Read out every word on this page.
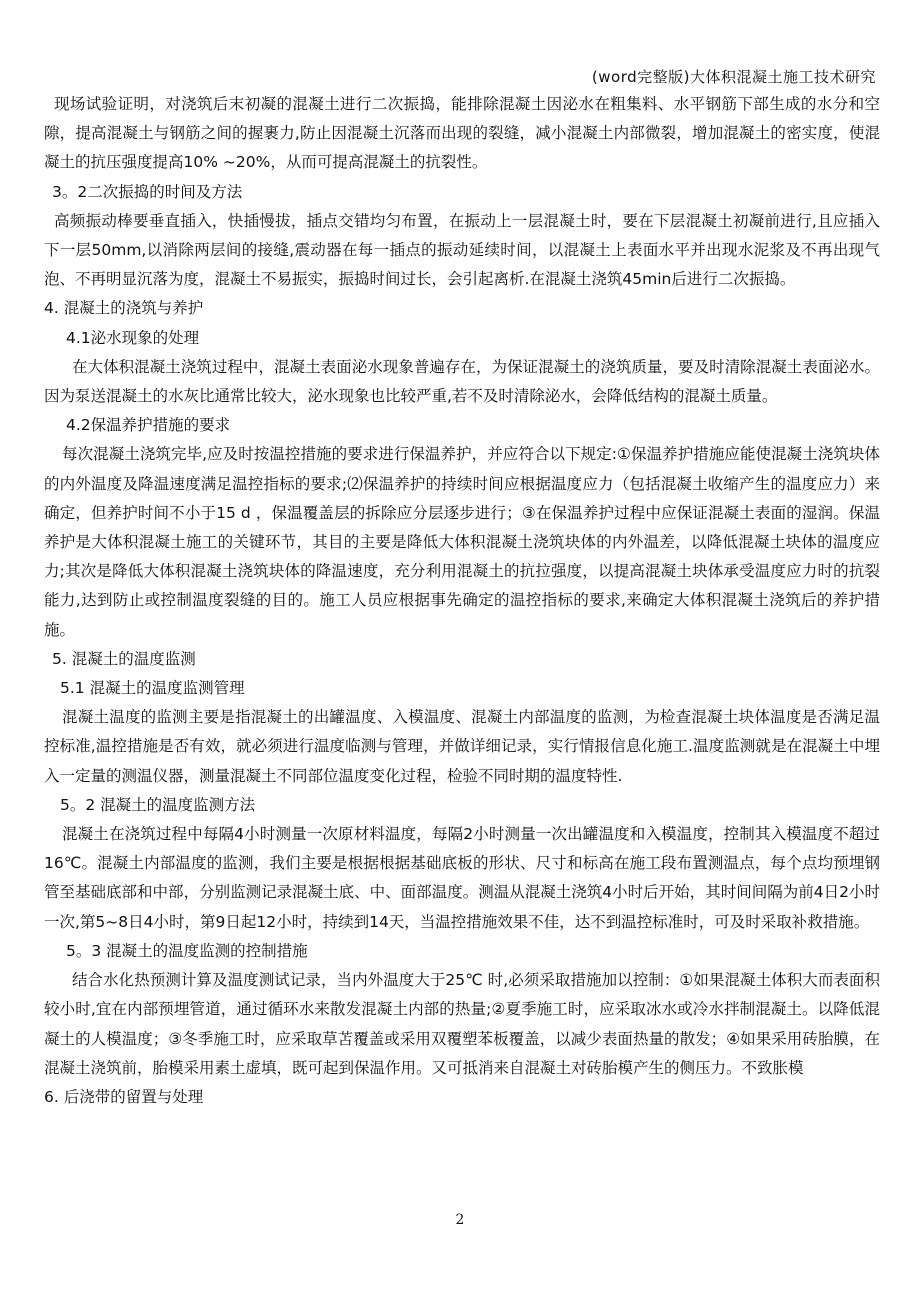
(word完整版)大体积混凝土施工技术研究

现场试验证明，对浇筑后末初凝的混凝土进行二次振捣，能排除混凝土因泌水在粗集料、水平钢筋下部生成的水分和空隙，提高混凝土与钢筋之间的握裹力,防止因混凝土沉落而出现的裂缝，减小混凝土内部微裂，增加混凝土的密实度，使混凝土的抗压强度提高10% ~20%，从而可提高混凝土的抗裂性。

3。2二次振捣的时间及方法

高频振动棒要垂直插入，快插慢拔，插点交错均匀布置，在振动上一层混凝土时，要在下层混凝土初凝前进行,且应插入下一层50mm,以消除两层间的接缝,震动器在每一插点的振动延续时间，以混凝土上表面水平并出现水泥浆及不再出现气泡、不再明显沉落为度，混凝土不易振实，振捣时间过长，会引起离析.在混凝土浇筑45min后进行二次振捣。

4. 混凝土的浇筑与养护

4.1泌水现象的处理

在大体积混凝土浇筑过程中，混凝土表面泌水现象普遍存在，为保证混凝土的浇筑质量，要及时清除混凝土表面泌水。因为泵送混凝土的水灰比通常比较大，泌水现象也比较严重,若不及时清除泌水，会降低结构的混凝土质量。

4.2保温养护措施的要求

每次混凝土浇筑完毕,应及时按温控措施的要求进行保温养护，并应符合以下规定:①保温养护措施应能使混凝土浇筑块体的内外温度及降温速度满足温控指标的要求;⑵保温养护的持续时间应根据温度应力（包括混凝土收缩产生的温度应力）来确定，但养护时间不小于15 d ，保温覆盖层的拆除应分层逐步进行；③在保温养护过程中应保证混凝土表面的湿润。保温养护是大体积混凝土施工的关键环节，其目的主要是降低大体积混凝土浇筑块体的内外温差，以降低混凝土块体的温度应力;其次是降低大体积混凝土浇筑块体的降温速度，充分利用混凝土的抗拉强度，以提高混凝土块体承受温度应力时的抗裂能力,达到防止或控制温度裂缝的目的。施工人员应根据事先确定的温控指标的要求,来确定大体积混凝土浇筑后的养护措施。

5. 混凝土的温度监测

5.1 混凝土的温度监测管理

混凝土温度的监测主要是指混凝土的出罐温度、入模温度、混凝土内部温度的监测，为检查混凝土块体温度是否满足温控标准,温控措施是否有效，就必须进行温度临测与管理，并做详细记录，实行情报信息化施工.温度监测就是在混凝土中埋入一定量的测温仪器，测量混凝土不同部位温度变化过程，检验不同时期的温度特性.

5。2 混凝土的温度监测方法

混凝土在浇筑过程中每隔4小时测量一次原材料温度，每隔2小时测量一次出罐温度和入模温度，控制其入模温度不超过16℃。混凝土内部温度的监测，我们主要是根据根据基础底板的形状、尺寸和标高在施工段布置测温点，每个点均预埋钢管至基础底部和中部，分别监测记录混凝土底、中、面部温度。测温从混凝土浇筑4小时后开始，其时间间隔为前4日2小时一次,第5~8日4小时，第9日起12小时，持续到14天，当温控措施效果不佳，达不到温控标准时，可及时采取补救措施。

5。3 混凝土的温度监测的控制措施

结合水化热预测计算及温度测试记录，当内外温度大于25℃ 时,必须采取措施加以控制：①如果混凝土体积大而表面积较小时,宜在内部预埋管道，通过循环水来散发混凝土内部的热量;②夏季施工时，应采取冰水或冷水拌制混凝土。以降低混凝土的人模温度；③冬季施工时，应采取草苫覆盖或采用双覆塑苯板覆盖，以减少表面热量的散发；④如果采用砖胎膜，在混凝土浇筑前，胎模采用素土虚填，既可起到保温作用。又可抵消来自混凝土对砖胎模产生的侧压力。不致胀模

6. 后浇带的留置与处理

2
